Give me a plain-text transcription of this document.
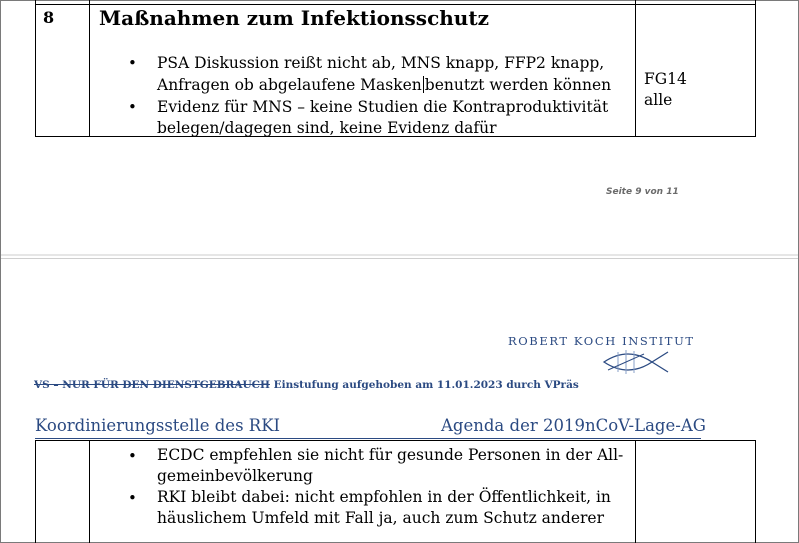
8 Maßnahmen zum Infektionsschutz
• PSA Diskussion reißt nicht ab, MNS knapp, FFP2 knapp,
Anfragen ob abgelaufene Masken benutzt werden können
• Evidenz für MNS – keine Studien die Kontraproduktivität
belegen/dagegen sind, keine Evidenz dafür
FG14
alle
Seite 9 von 11
ROBERT KOCH INSTITUT
VS – NUR FÜR DEN DIENSTGEBRAUCH Einstufung aufgehoben am 11.01.2023 durch VPräs
Koordinierungsstelle des RKI	Agenda der 2019nCoV-Lage-AG
• ECDC empfehlen sie nicht für gesunde Personen in der All-
gemeinbevölkerung
• RKI bleibt dabei: nicht empfohlen in der Öffentlichkeit, in
häuslichem Umfeld mit Fall ja, auch zum Schutz anderer
